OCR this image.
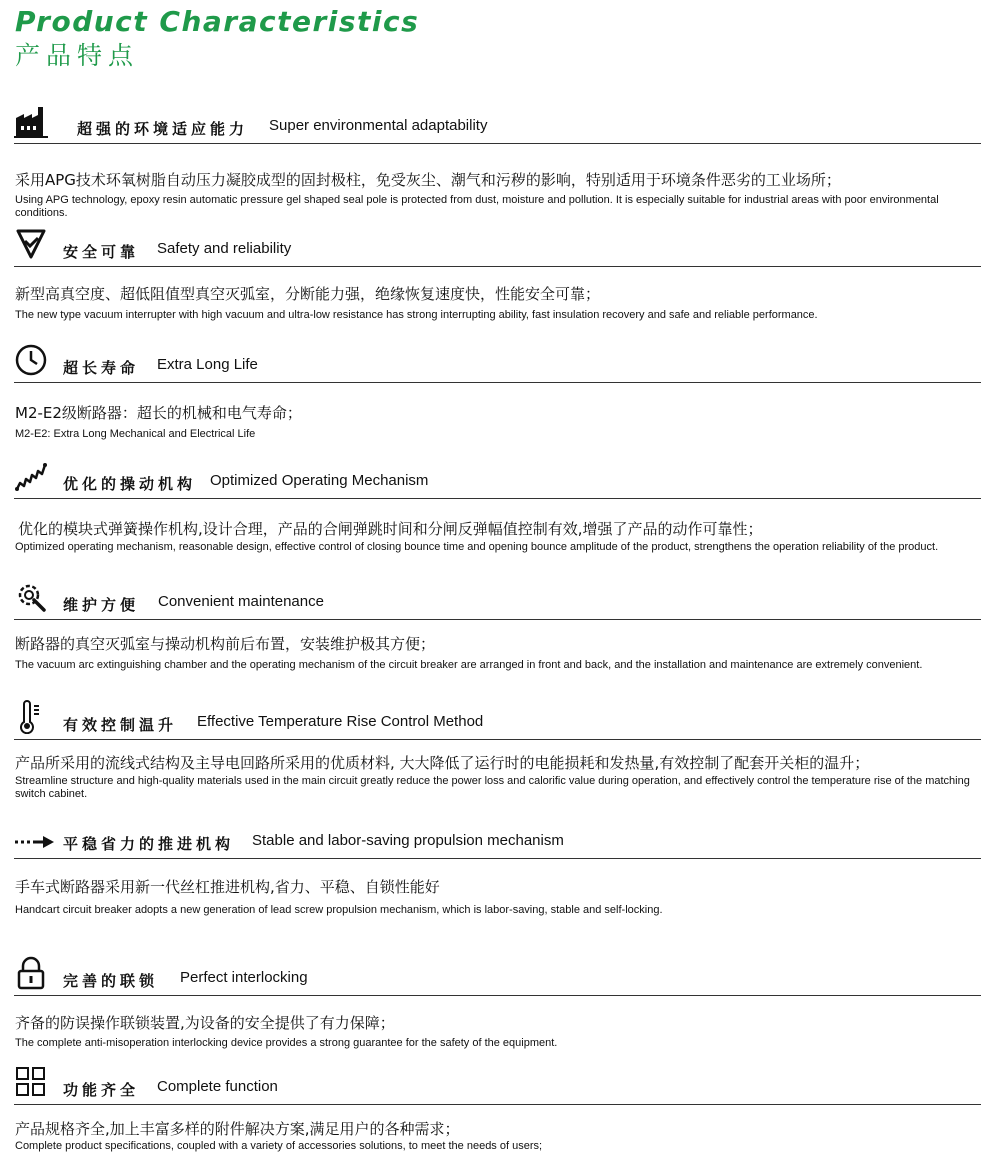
Product Characteristics
产品特点
超强的环境适应能力 Super environmental adaptability
采用APG技术环氧树脂自动压力凝胶成型的固封极柱，免受灰尘、潮气和污秽的影响，特别适用于环境条件恶劣的工业场所；
Using APG technology, epoxy resin automatic pressure gel shaped seal pole is protected from dust, moisture and pollution. It is especially suitable for industrial areas with poor environmental conditions.
安全可靠 Safety and reliability
新型高真空度、超低阻值型真空灭弧室，分断能力强，绝缘恢复速度快，性能安全可靠；
The new type vacuum interrupter with high vacuum and ultra-low resistance has strong interrupting ability, fast insulation recovery and safe and reliable performance.
超长寿命 Extra Long Life
M2-E2级断路器：超长的机械和电气寿命；
M2-E2: Extra Long Mechanical and Electrical Life
优化的操动机构 Optimized Operating Mechanism
优化的模块式弹簧操作机构,设计合理，产品的合闸弹跳时间和分闸反弹幅值控制有效,增强了产品的动作可靠性；
Optimized operating mechanism, reasonable design, effective control of closing bounce time and opening bounce amplitude of the product, strengthens the operation reliability of the product.
维护方便 Convenient maintenance
断路器的真空灭弧室与操动机构前后布置，安装维护极其方便；
The vacuum arc extinguishing chamber and the operating mechanism of the circuit breaker are arranged in front and back, and the installation and maintenance are extremely convenient.
有效控制温升 Effective Temperature Rise Control Method
产品所采用的流线式结构及主导电回路所采用的优质材料, 大大降低了运行时的电能损耗和发热量,有效控制了配套开关柜的温升；
Streamline structure and high-quality materials used in the main circuit greatly reduce the power loss and calorific value during operation, and effectively control the temperature rise of the matching switch cabinet.
平稳省力的推进机构 Stable and labor-saving propulsion mechanism
手车式断路器采用新一代丝杠推进机构,省力、平稳、自锁性能好
Handcart circuit breaker adopts a new generation of lead screw propulsion mechanism, which is labor-saving, stable and self-locking.
完善的联锁 Perfect interlocking
齐备的防误操作联锁装置,为设备的安全提供了有力保障；
The complete anti-misoperation interlocking device provides a strong guarantee for the safety of the equipment.
功能齐全 Complete function
产品规格齐全,加上丰富多样的附件解决方案,满足用户的各种需求；
Complete product specifications, coupled with a variety of accessories solutions, to meet the needs of users;
